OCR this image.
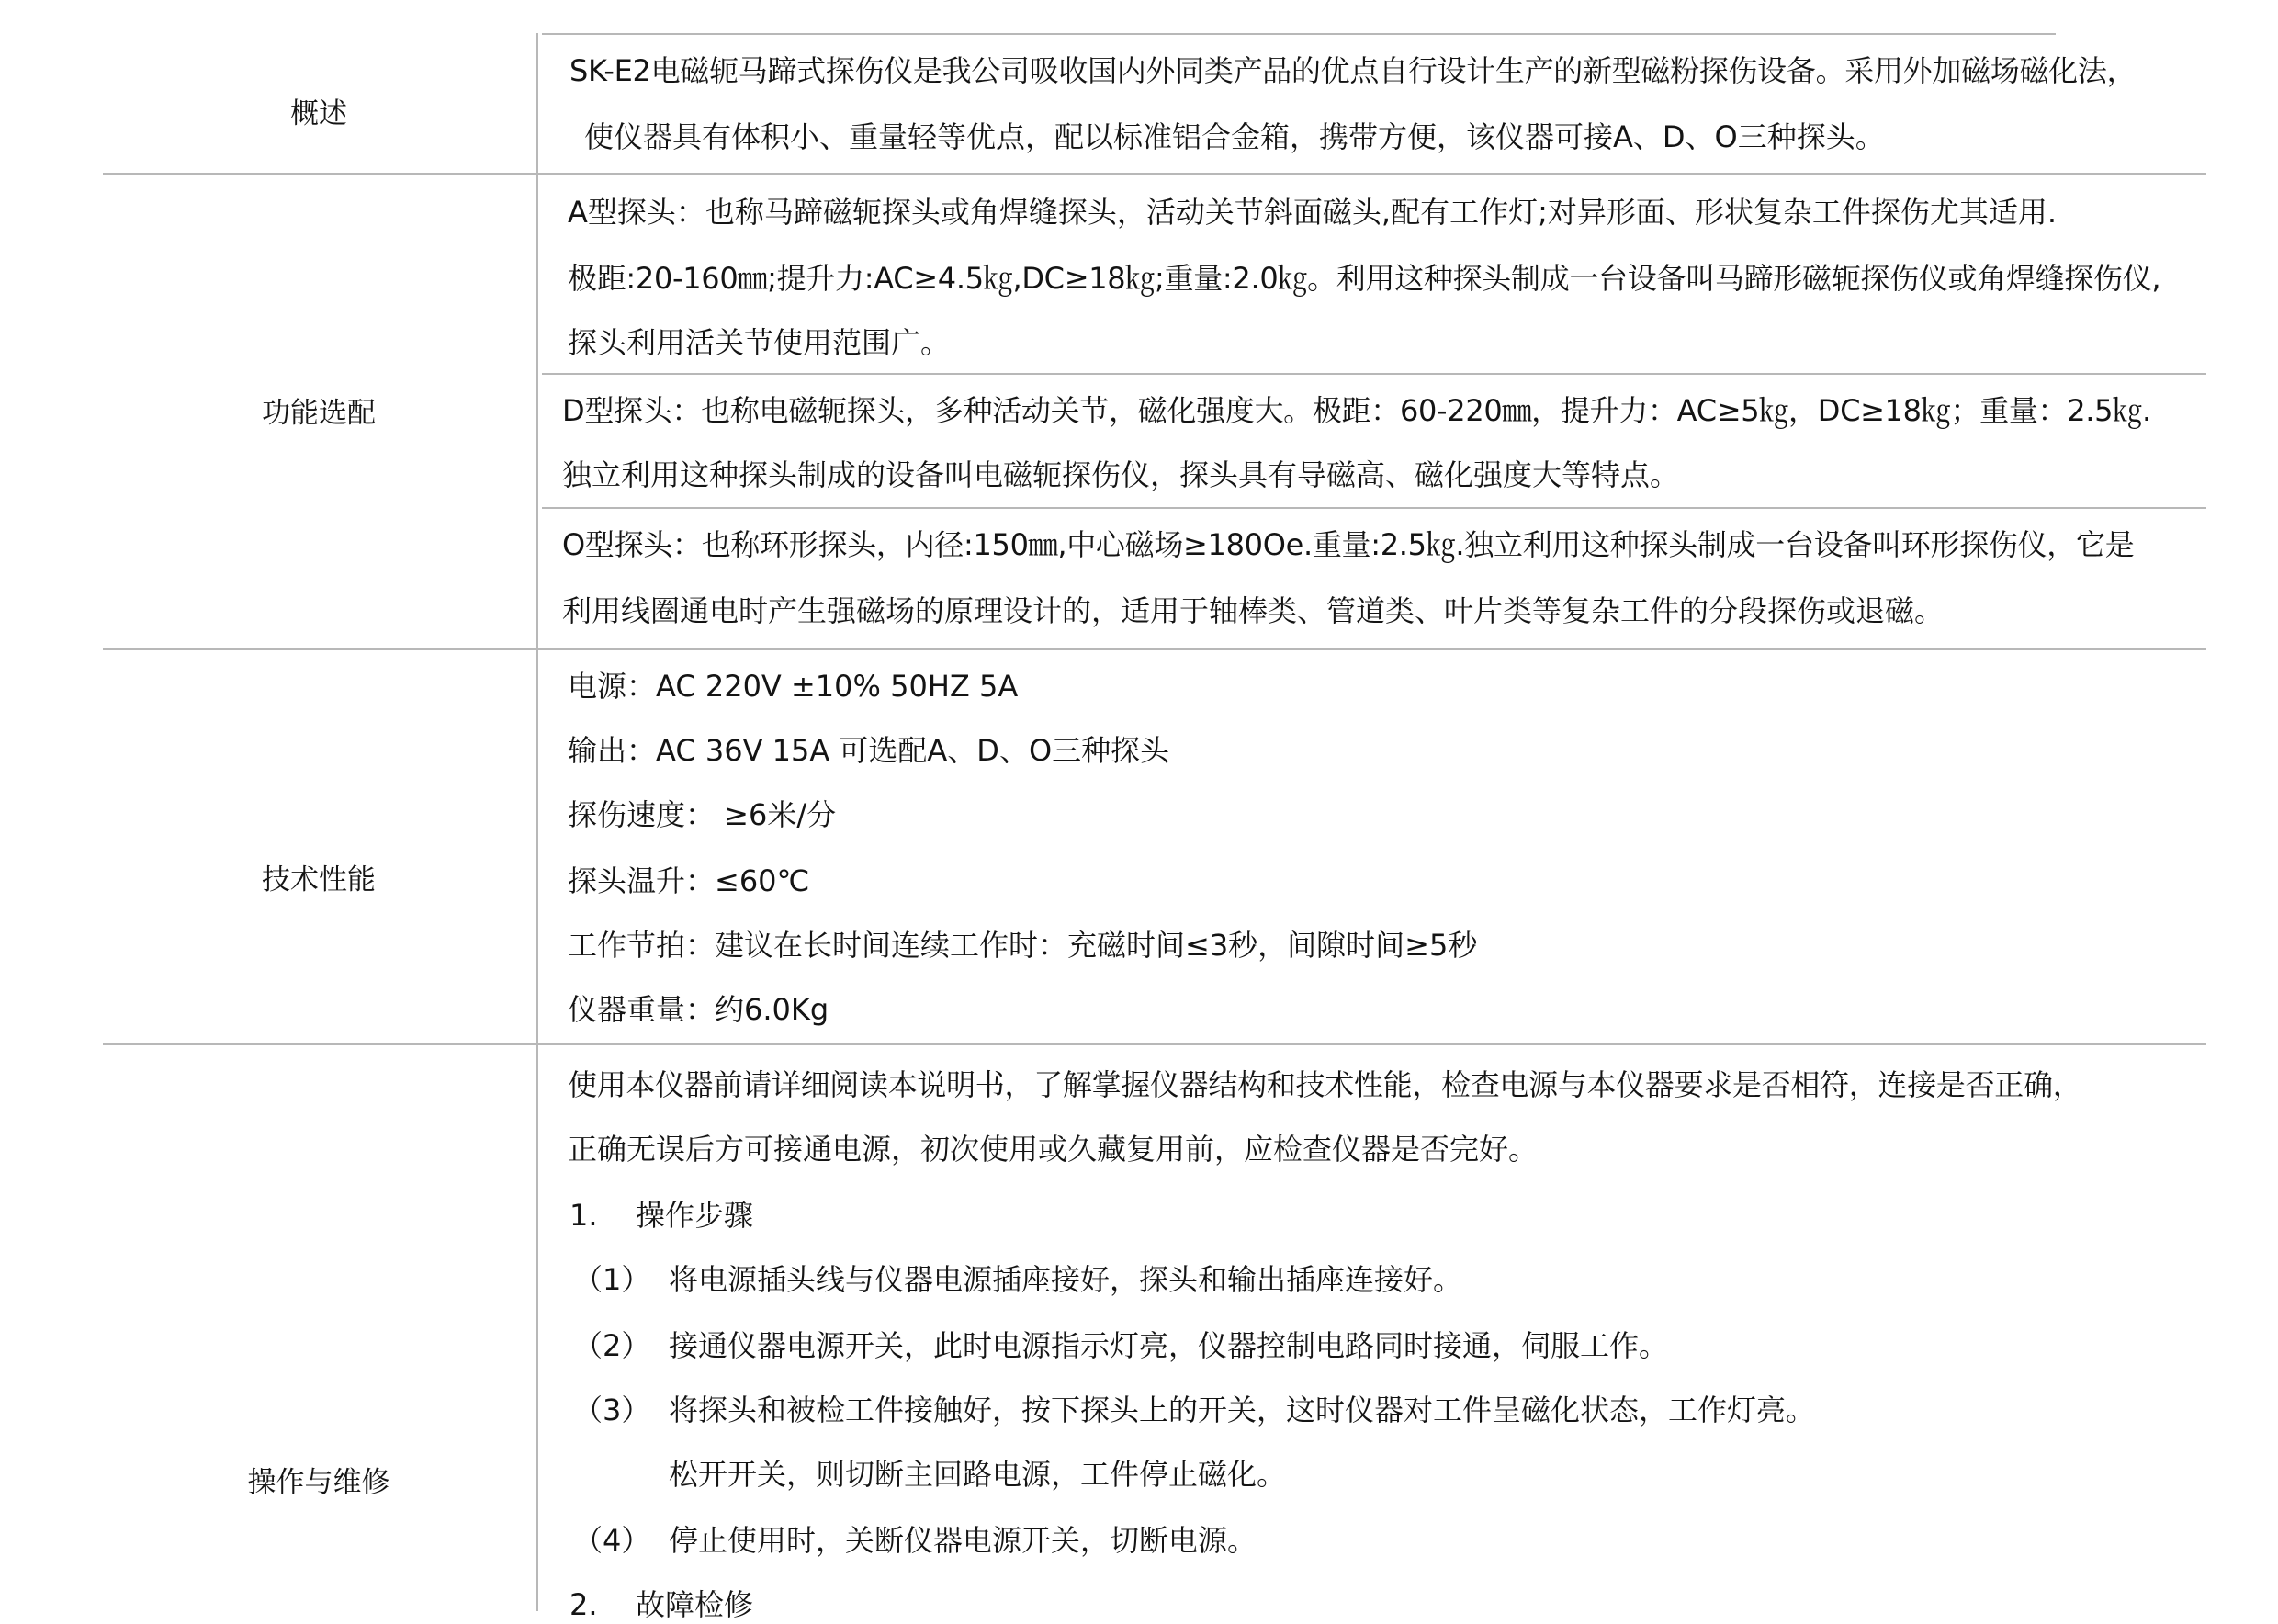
概述
SK-E2电磁轭马蹄式探伤仪是我公司吸收国内外同类产品的优点自行设计生产的新型磁粉探伤设备。采用外加磁场磁化法，
使仪器具有体积小、重量轻等优点，配以标准铝合金箱，携带方便，该仪器可接A、D、O三种探头。
功能选配
A型探头：也称马蹄磁轭探头或角焊缝探头，活动关节斜面磁头,配有工作灯;对异形面、形状复杂工件探伤尤其适用.
极距:20-160㎜;提升力:AC≥4.5㎏,DC≥18㎏;重量:2.0㎏。利用这种探头制成一台设备叫马蹄形磁轭探伤仪或角焊缝探伤仪,
探头利用活关节使用范围广。
D型探头：也称电磁轭探头，多种活动关节，磁化强度大。极距：60-220㎜，提升力：AC≥5㎏，DC≥18㎏；重量：2.5㎏.
独立利用这种探头制成的设备叫电磁轭探伤仪，探头具有导磁高、磁化强度大等特点。
O型探头：也称环形探头，内径:150㎜,中心磁场≥180Oe.重量:2.5㎏.独立利用这种探头制成一台设备叫环形探伤仪，它是
利用线圈通电时产生强磁场的原理设计的，适用于轴棒类、管道类、叶片类等复杂工件的分段探伤或退磁。
技术性能
电源：AC 220V ±10% 50HZ 5A
输出：AC 36V 15A 可选配A、D、O三种探头
探伤速度： ≥6米/分
探头温升：≤60℃
工作节拍：建议在长时间连续工作时：充磁时间≤3秒，间隙时间≥5秒
仪器重量：约6.0Kg
操作与维修
使用本仪器前请详细阅读本说明书，了解掌握仪器结构和技术性能，检查电源与本仪器要求是否相符，连接是否正确，
正确无误后方可接通电源，初次使用或久藏复用前，应检查仪器是否完好。
1. 操作步骤
（1） 将电源插头线与仪器电源插座接好，探头和输出插座连接好。
（2） 接通仪器电源开关，此时电源指示灯亮，仪器控制电路同时接通，伺服工作。
（3） 将探头和被检工件接触好，按下探头上的开关，这时仪器对工件呈磁化状态，工作灯亮。
松开开关，则切断主回路电源，工件停止磁化。
（4） 停止使用时，关断仪器电源开关，切断电源。
2. 故障检修
